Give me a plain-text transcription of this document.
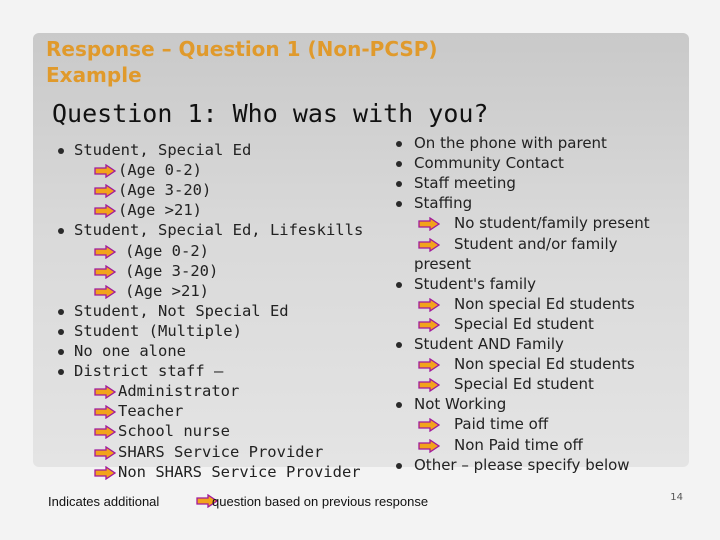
Response – Question 1 (Non-PCSP)
Example
Question 1: Who was with you?
Student, Special Ed
(Age 0-2)
(Age 3-20)
(Age >21)
Student, Special Ed, Lifeskills
(Age 0-2)
(Age 3-20)
(Age >21)
Student, Not Special Ed
Student (Multiple)
No one alone
District staff –
Administrator
Teacher
School nurse
SHARS Service Provider
Non SHARS Service Provider
On the phone with parent
Community Contact
Staff meeting
Staffing
No student/family present
Student and/or family
present
Student's family
Non special Ed students
Special Ed student
Student AND Family
Non special Ed students
Special Ed student
Not Working
Paid time off
Non Paid time off
Other – please specify below
Indicates additional	question based on previous response	14
